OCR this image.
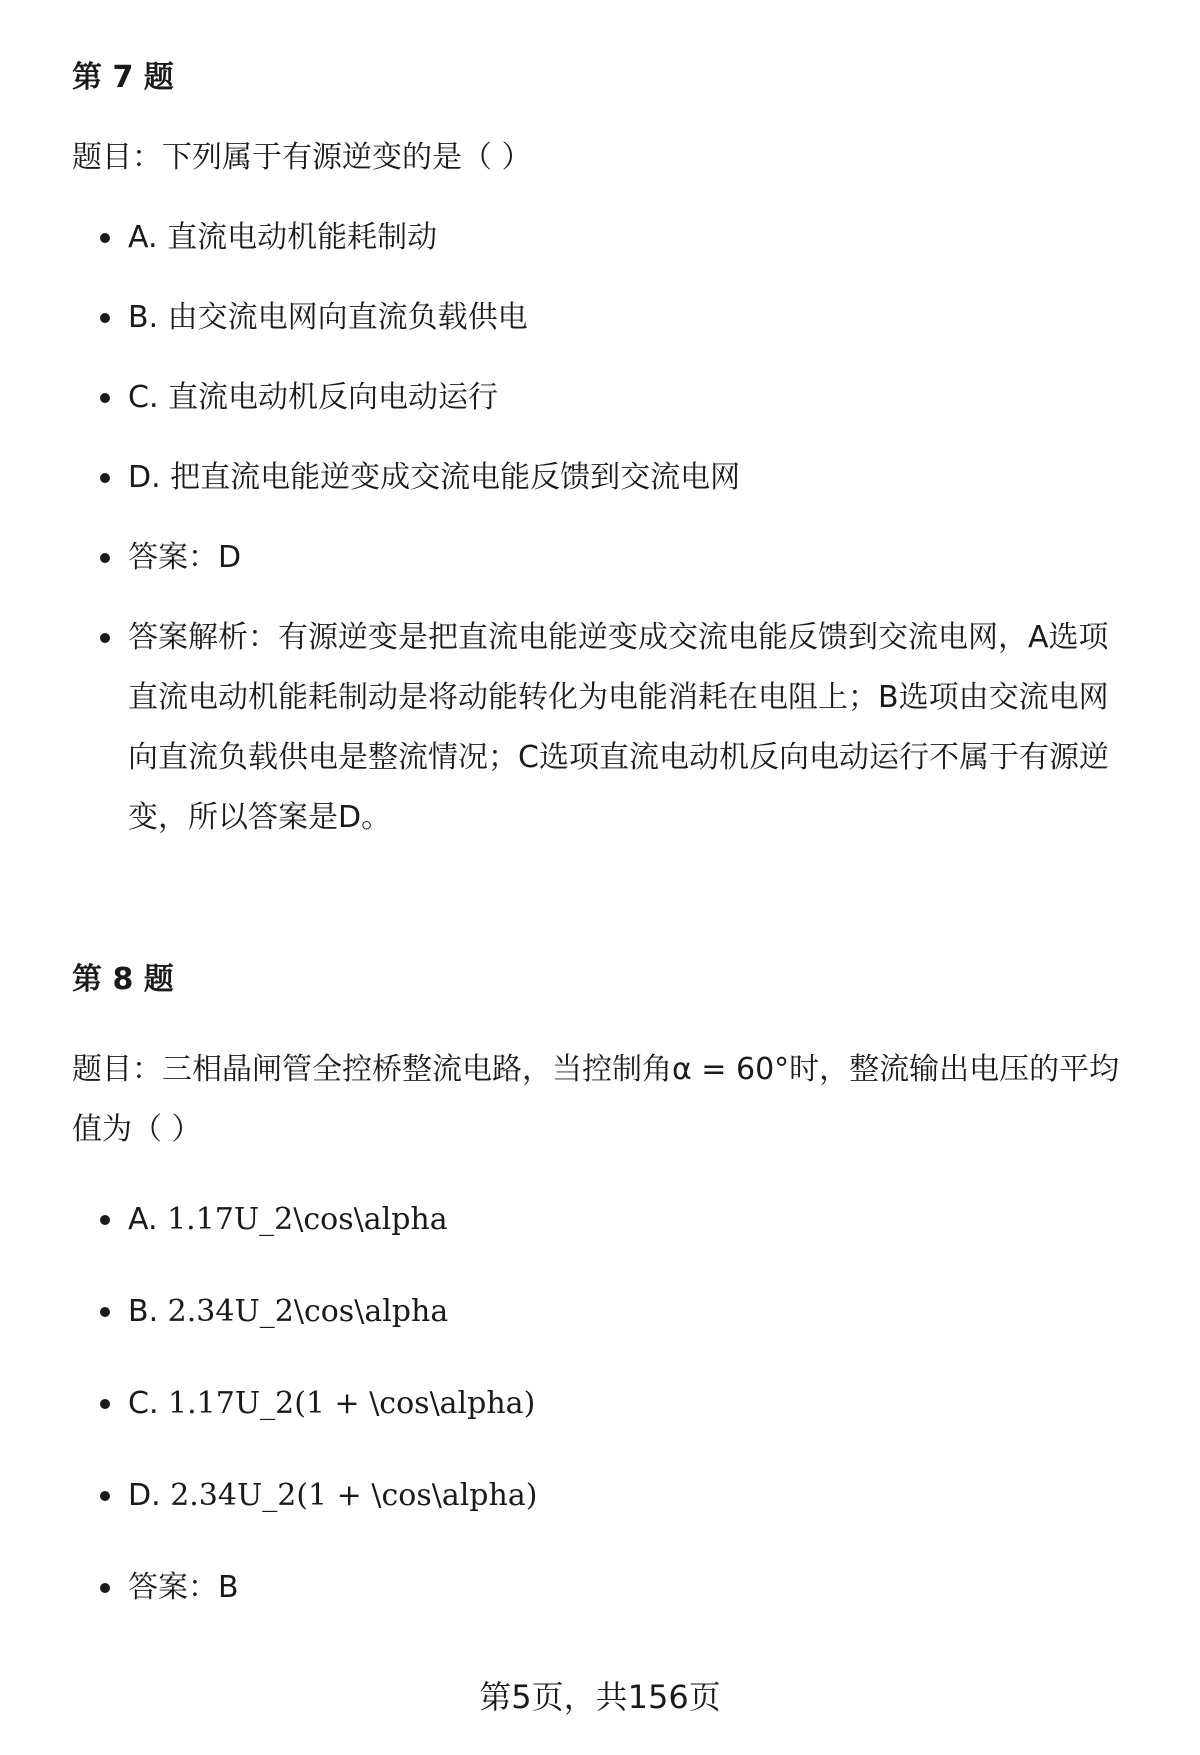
第 7 题

题目：下列属于有源逆变的是（ ）

A. 直流电动机能耗制动
B. 由交流电网向直流负载供电
C. 直流电动机反向电动运行
D. 把直流电能逆变成交流电能反馈到交流电网
答案：D
答案解析：有源逆变是把直流电能逆变成交流电能反馈到交流电网，A选项直流电动机能耗制动是将动能转化为电能消耗在电阻上；B选项由交流电网向直流负载供电是整流情况；C选项直流电动机反向电动运行不属于有源逆变，所以答案是D。
第 8 题

题目：三相晶闸管全控桥整流电路，当控制角α = 60°时，整流输出电压的平均值为（ ）

A. 1.17U_2\cos\alpha
B. 2.34U_2\cos\alpha
C. 1.17U_2(1 + \cos\alpha)
D. 2.34U_2(1 + \cos\alpha)
答案：B
第5页，共156页
